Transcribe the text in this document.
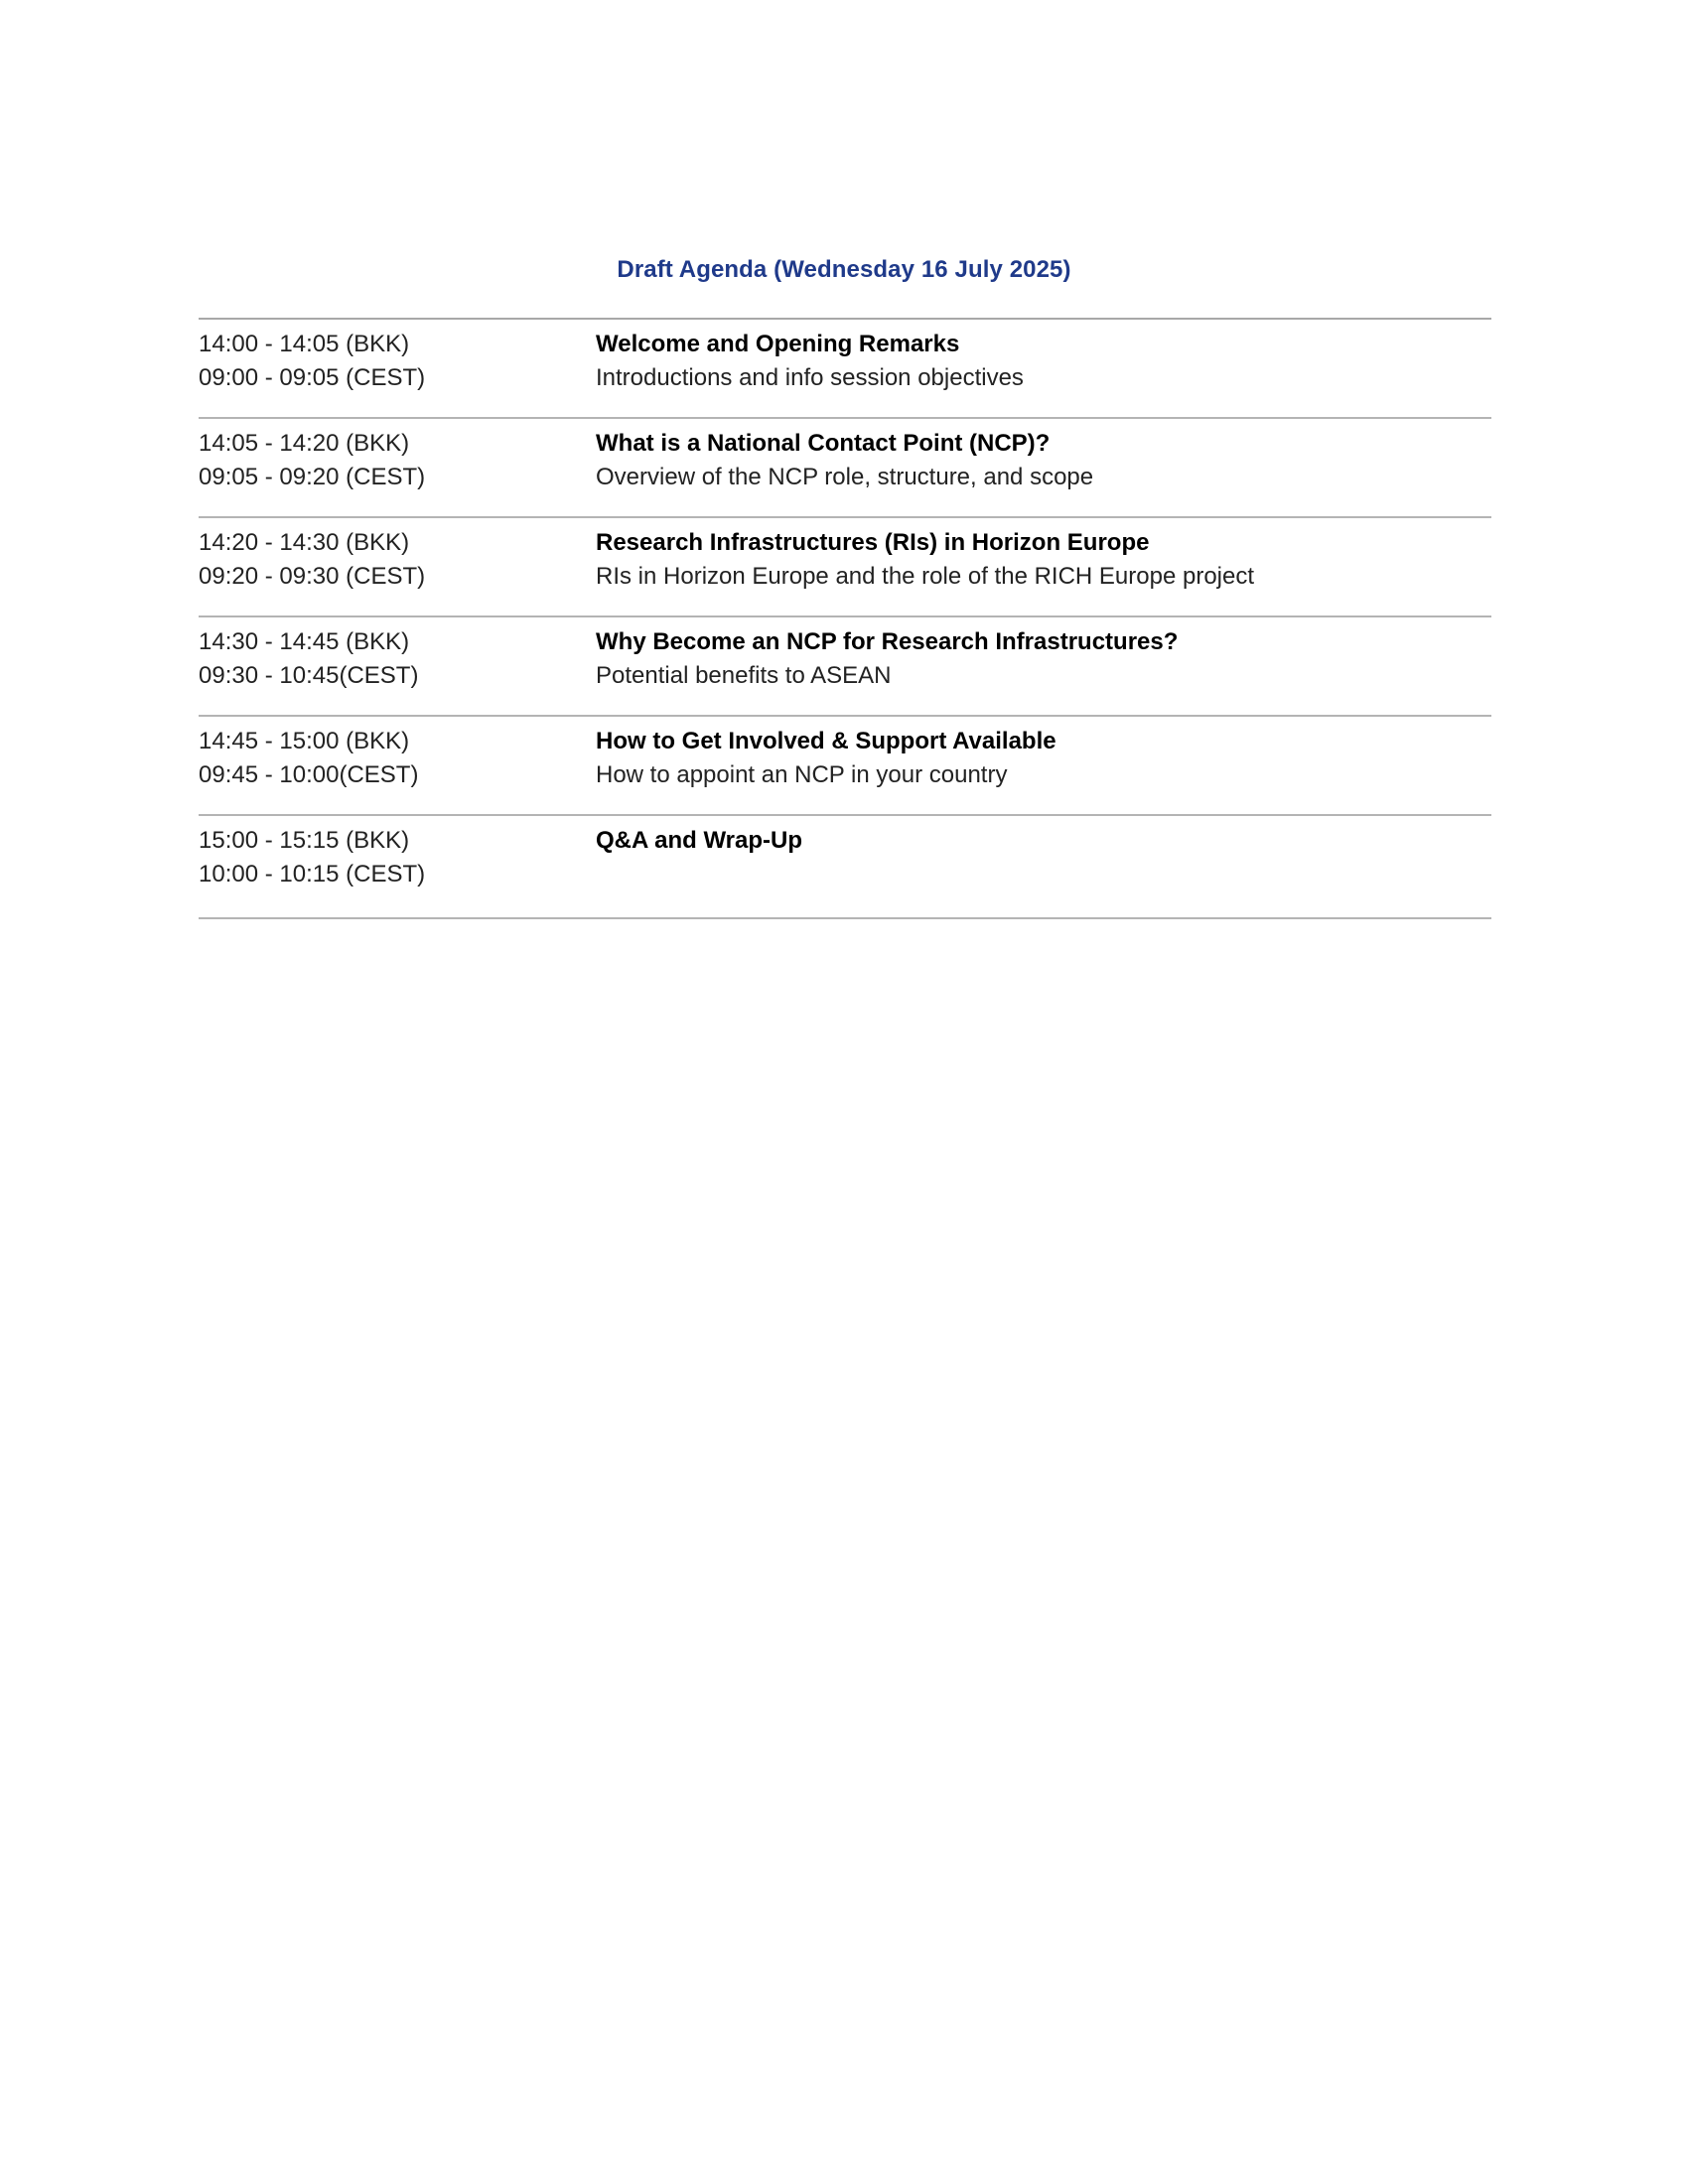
Draft Agenda (Wednesday 16 July 2025)
14:00 - 14:05 (BKK)
09:00 - 09:05 (CEST)
Welcome and Opening Remarks
Introductions and info session objectives
14:05 - 14:20 (BKK)
09:05 - 09:20 (CEST)
What is a National Contact Point (NCP)?
Overview of the NCP role, structure, and scope
14:20 - 14:30 (BKK)
09:20 - 09:30 (CEST)
Research Infrastructures (RIs) in Horizon Europe
RIs in Horizon Europe and the role of the RICH Europe project
14:30 - 14:45 (BKK)
09:30 - 10:45(CEST)
Why Become an NCP for Research Infrastructures?
Potential benefits to ASEAN
14:45 - 15:00 (BKK)
09:45 - 10:00(CEST)
How to Get Involved & Support Available
How to appoint an NCP in your country
15:00 - 15:15 (BKK)
10:00 - 10:15 (CEST)
Q&A and Wrap-Up
